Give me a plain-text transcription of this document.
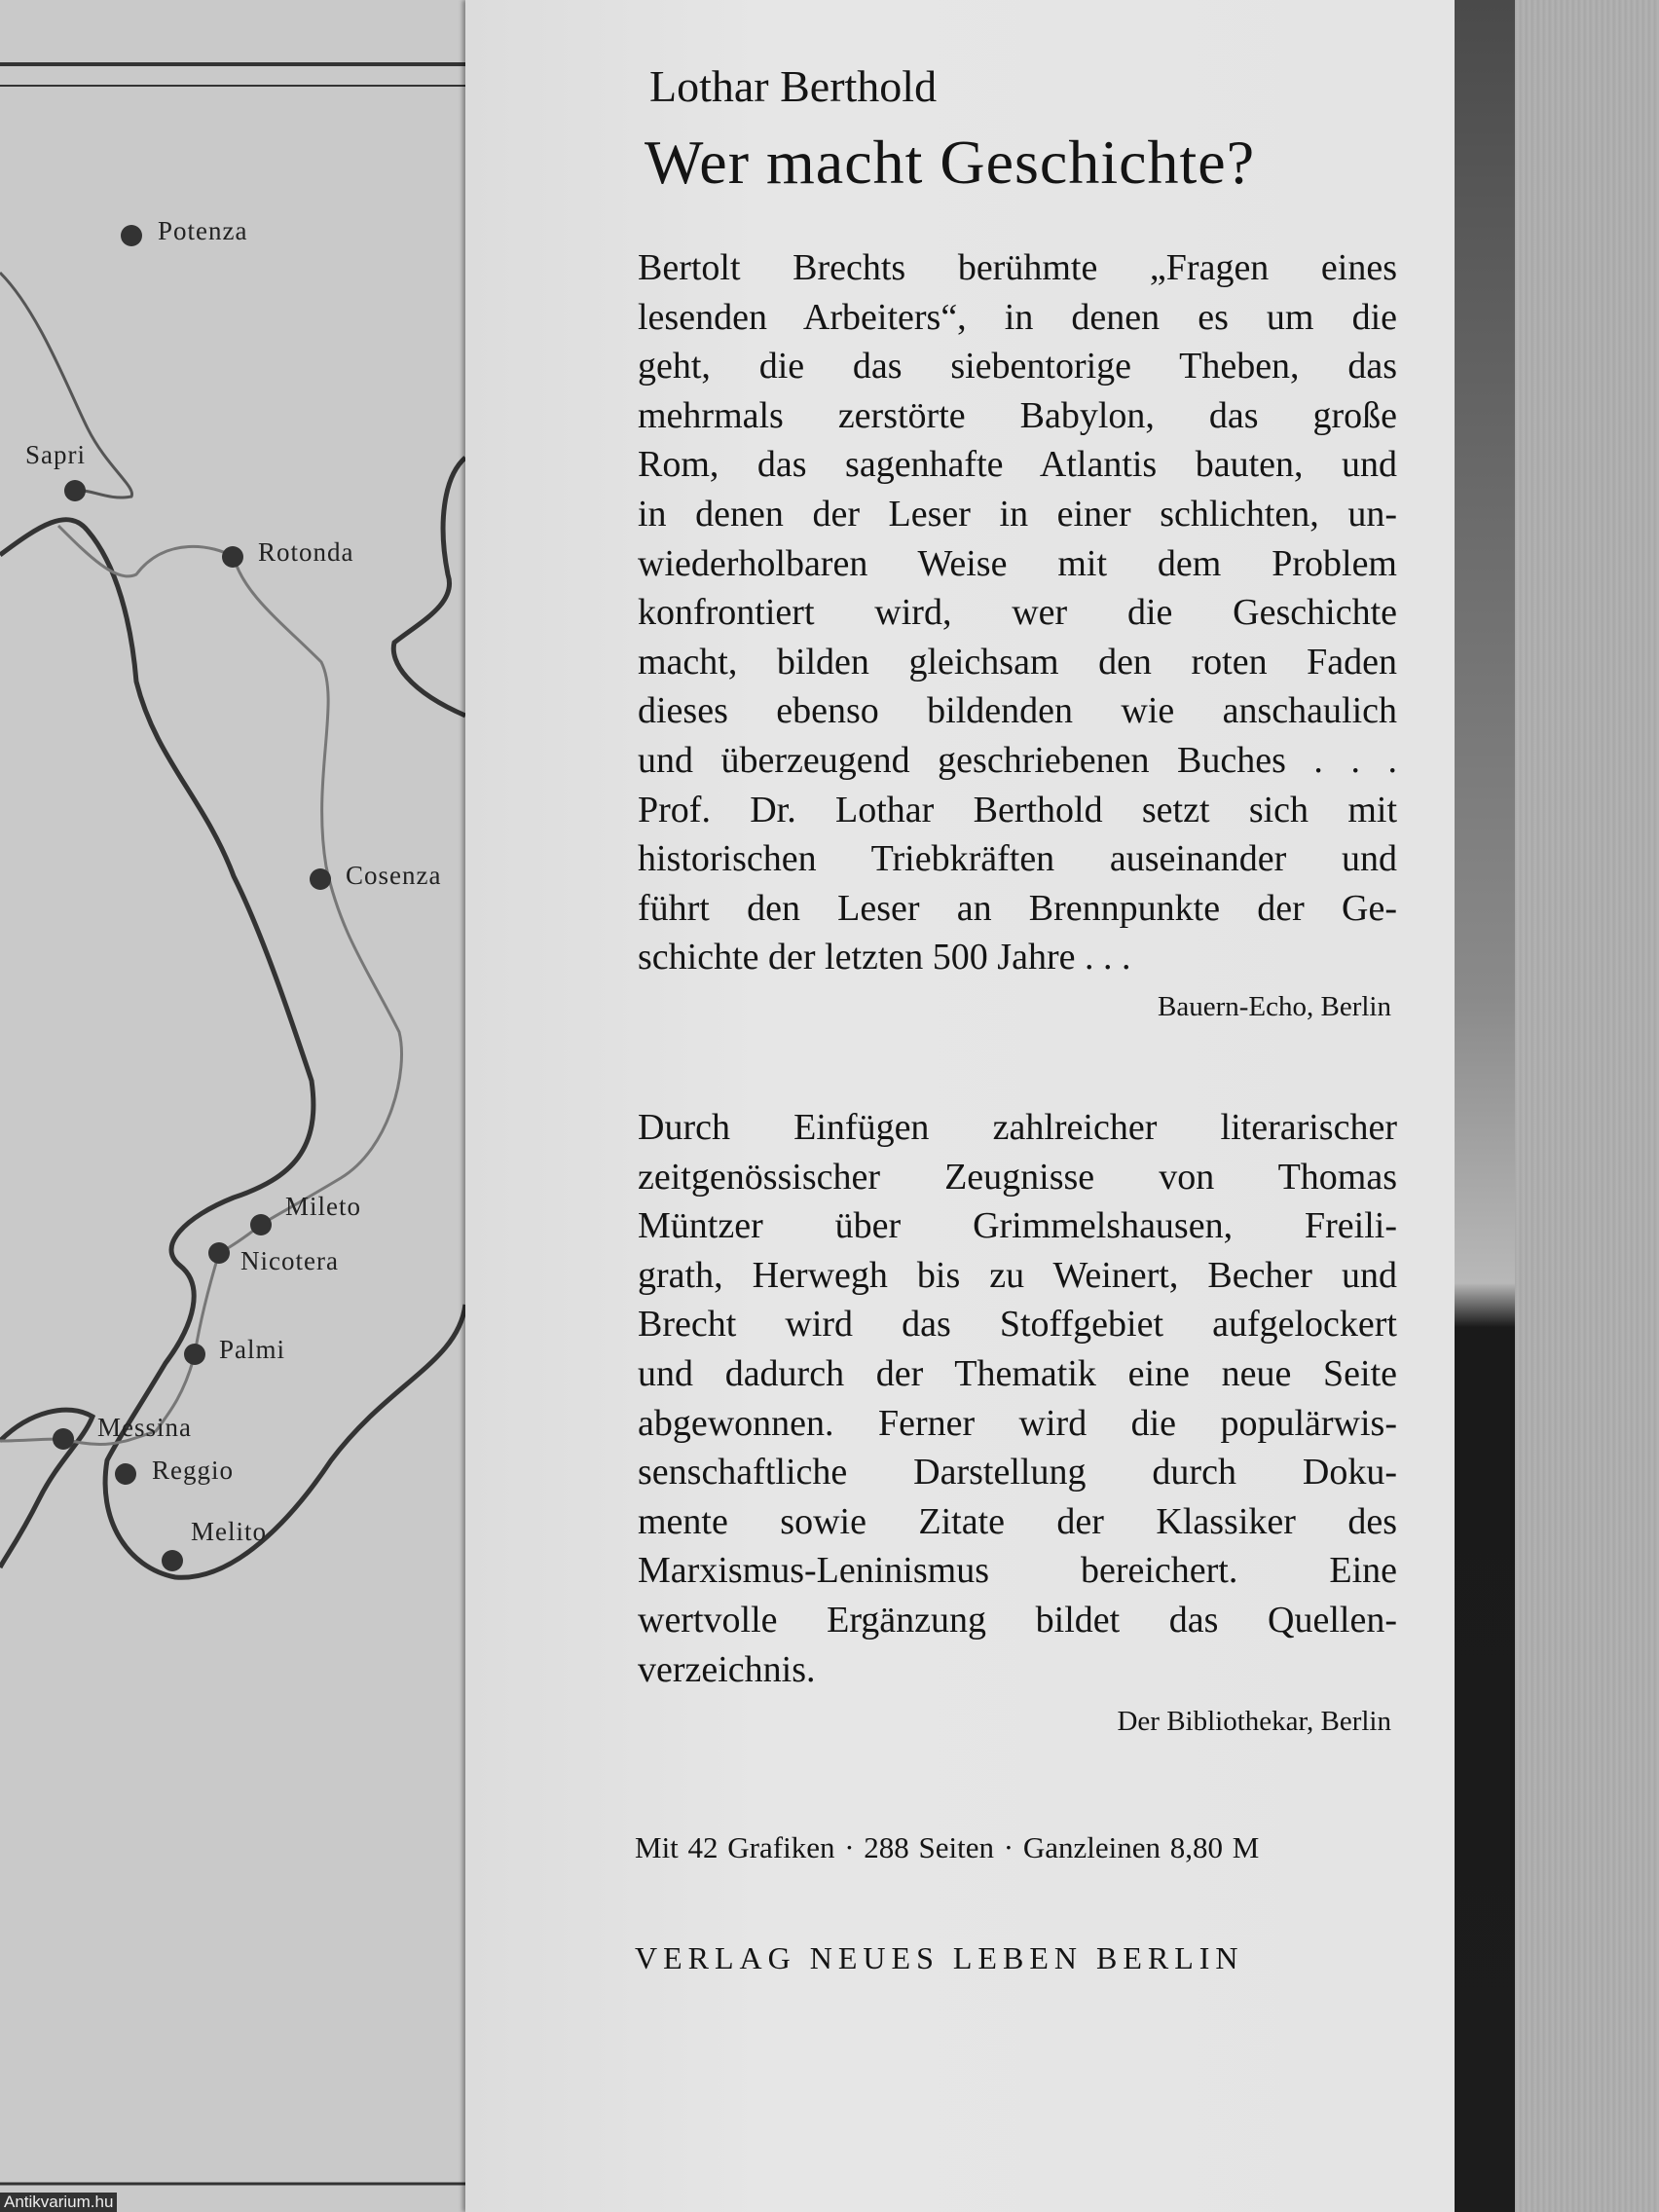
Potenza
Sapri
Rotonda
Cosenza
Mileto
Nicotera
Palmi
Messina
Reggio
Melito
Lothar Berthold
Wer macht Geschichte?
Bertolt Brechts berühmte „Fragen eines
lesenden Arbeiters“, in denen es um die
geht, die das siebentorige Theben, das
mehrmals zerstörte Babylon, das große
Rom, das sagenhafte Atlantis bauten, und
in denen der Leser in einer schlichten, un-
wiederholbaren Weise mit dem Problem
konfrontiert wird, wer die Geschichte
macht, bilden gleichsam den roten Faden
dieses ebenso bildenden wie anschaulich
und überzeugend geschriebenen Buches . . .
Prof. Dr. Lothar Berthold setzt sich mit
historischen Triebkräften auseinander und
führt den Leser an Brennpunkte der Ge-
schichte der letzten 500 Jahre . . .
Bauern-Echo, Berlin
Durch Einfügen zahlreicher literarischer
zeitgenössischer Zeugnisse von Thomas
Müntzer über Grimmelshausen, Freili-
grath, Herwegh bis zu Weinert, Becher und
Brecht wird das Stoffgebiet aufgelockert
und dadurch der Thematik eine neue Seite
abgewonnen. Ferner wird die populärwis-
senschaftliche Darstellung durch Doku-
mente sowie Zitate der Klassiker des
Marxismus-Leninismus bereichert. Eine
wertvolle Ergänzung bildet das Quellen-
verzeichnis.
Der Bibliothekar, Berlin
Mit 42 Grafiken · 288 Seiten · Ganzleinen 8,80 M
VERLAG NEUES LEBEN BERLIN
Antikvarium.hu
